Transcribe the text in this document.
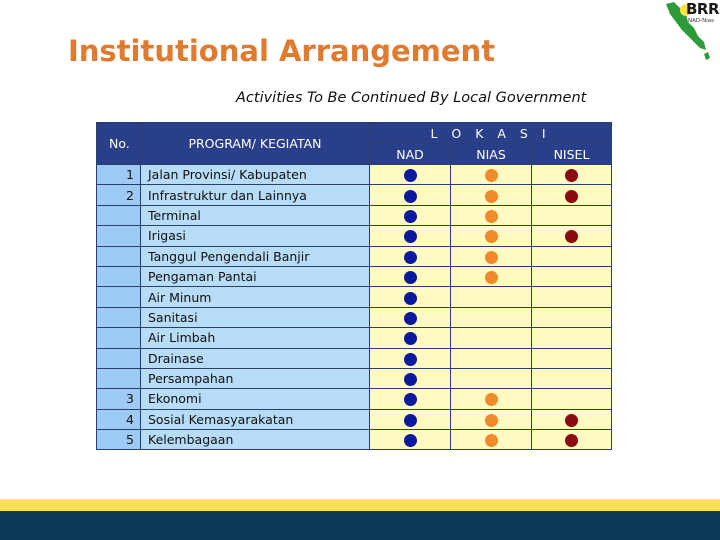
Institutional Arrangement
Activities To Be Continued By Local Government
BRR
NAD-Nias
No.	PROGRAM/ KEGIATAN	L O K A S I		
		NAD	NIAS	NISEL
1	Jalan Provinsi/ Kabupaten			
2	Infrastruktur dan Lainnya			
	Terminal			
	Irigasi			
	Tanggul Pengendali Banjir			
	Pengaman Pantai			
	Air Minum			
	Sanitasi			
	Air Limbah			
	Drainase			
	Persampahan			
3	Ekonomi			
4	Sosial Kemasyarakatan			
5	Kelembagaan			
